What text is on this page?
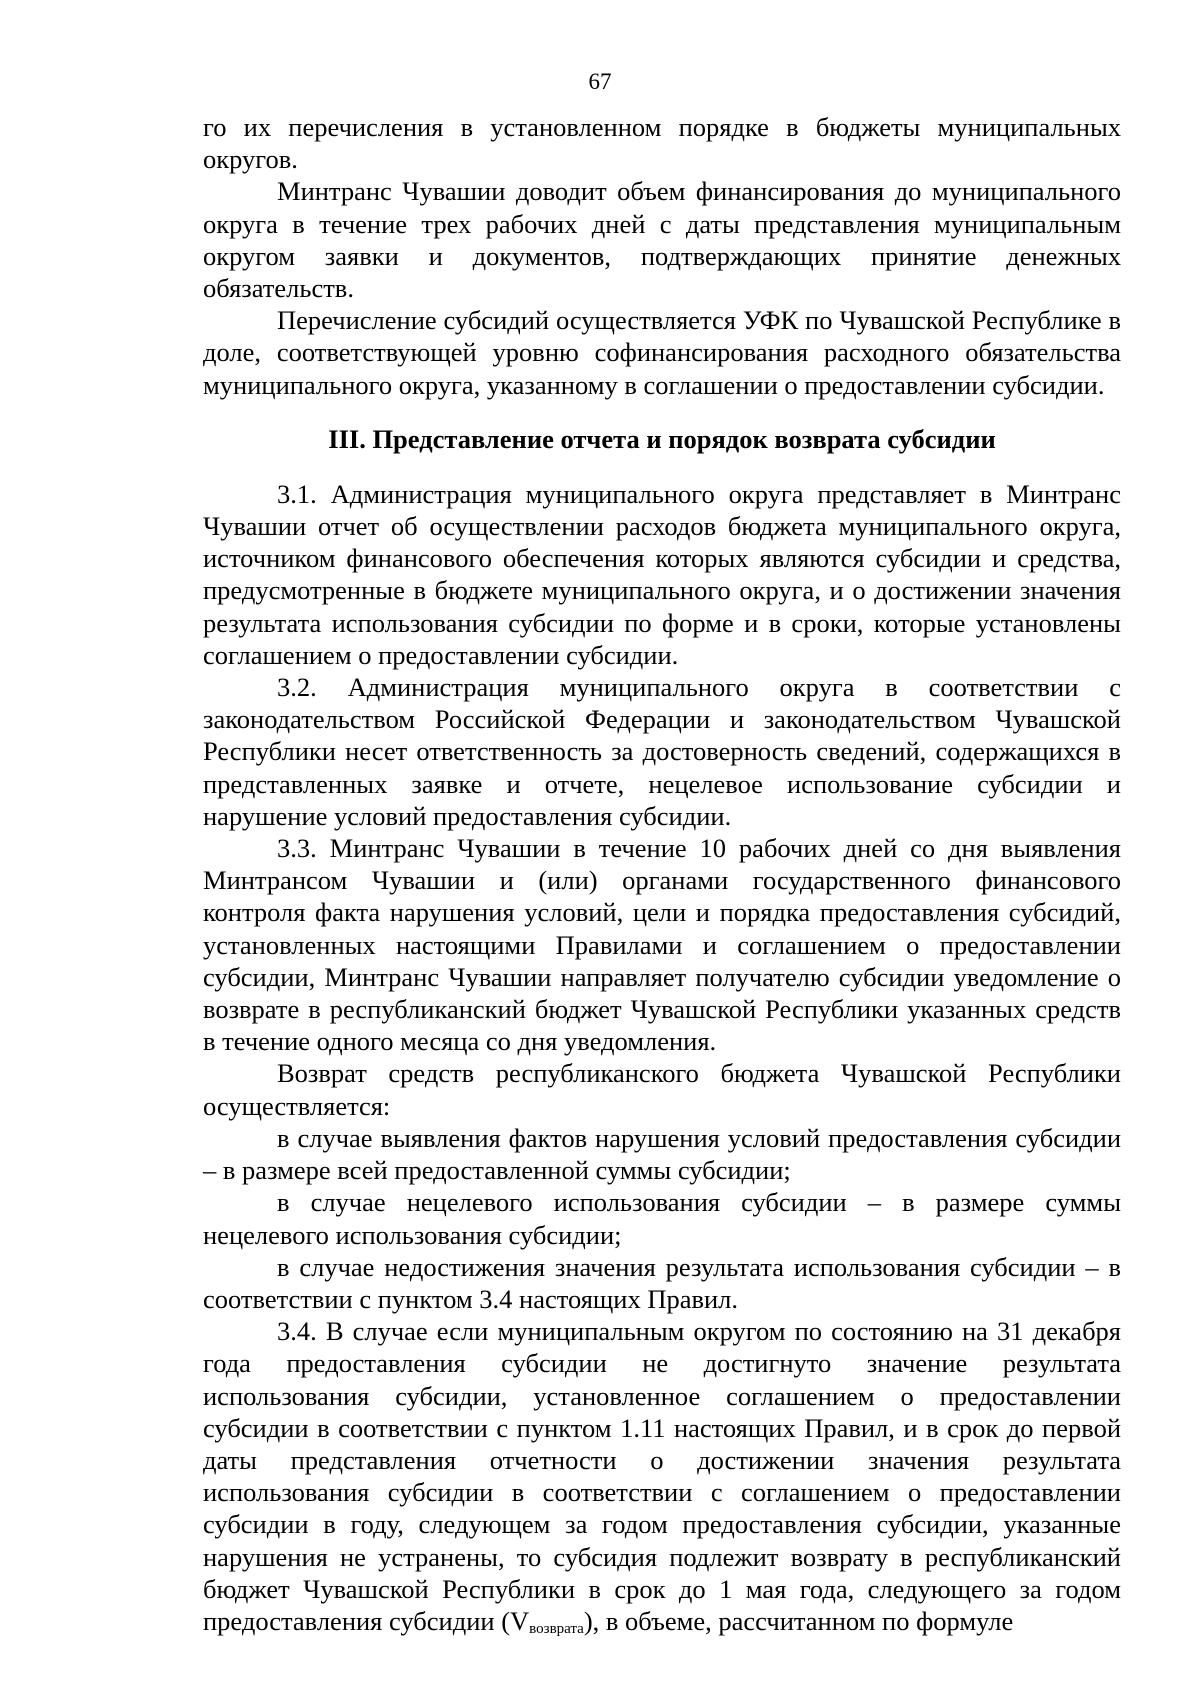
67

го их перечисления в установленном порядке в бюджеты муниципальных округов.

Минтранс Чувашии доводит объем финансирования до муниципального округа в течение трех рабочих дней с даты представления муниципальным округом заявки и документов, подтверждающих принятие денежных обязательств.

Перечисление субсидий осуществляется УФК по Чувашской Республике в доле, соответствующей уровню софинансирования расходного обязательства муниципального округа, указанному в соглашении о предоставлении субсидии.

III. Представление отчета и порядок возврата субсидии

3.1. Администрация муниципального округа представляет в Минтранс Чувашии отчет об осуществлении расходов бюджета муниципального округа, источником финансового обеспечения которых являются субсидии и средства, предусмотренные в бюджете муниципального округа, и о достижении значения результата использования субсидии по форме и в сроки, которые установлены соглашением о предоставлении субсидии.

3.2. Администрация муниципального округа в соответствии с законодательством Российской Федерации и законодательством Чувашской Республики несет ответственность за достоверность сведений, содержащихся в представленных заявке и отчете, нецелевое использование субсидии и нарушение условий предоставления субсидии.

3.3. Минтранс Чувашии в течение 10 рабочих дней со дня выявления Минтрансом Чувашии и (или) органами государственного финансового контроля факта нарушения условий, цели и порядка предоставления субсидий, установленных настоящими Правилами и соглашением о предоставлении субсидии, Минтранс Чувашии направляет получателю субсидии уведомление о возврате в республиканский бюджет Чувашской Республики указанных средств в течение одного месяца со дня уведомления.

Возврат средств республиканского бюджета Чувашской Республики осуществляется:

в случае выявления фактов нарушения условий предоставления субсидии – в размере всей предоставленной суммы субсидии;

в случае нецелевого использования субсидии – в размере суммы нецелевого использования субсидии;

в случае недостижения значения результата использования субсидии – в соответствии с пунктом 3.4 настоящих Правил.

3.4. В случае если муниципальным округом по состоянию на 31 декабря года предоставления субсидии не достигнуто значение результата использования субсидии, установленное соглашением о предоставлении субсидии в соответствии с пунктом 1.11 настоящих Правил, и в срок до первой даты представления отчетности о достижении значения результата использования субсидии в соответствии с соглашением о предоставлении субсидии в году, следующем за годом предоставления субсидии, указанные нарушения не устранены, то субсидия подлежит возврату в республиканский бюджет Чувашской Республики в срок до 1 мая года, следующего за годом предоставления субсидии $(V_{возврата})$, в объеме, рассчитанном по формуле
